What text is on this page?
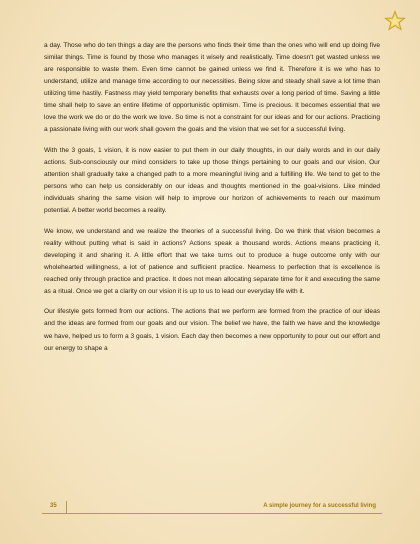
a day. Those who do ten things a day are the persons who finds their time than the ones who will end up doing five similar things. Time is found by those who manages it wisely and realistically. Time doesn't get wasted unless we are responsible to waste them. Even time cannot be gained unless we find it. Therefore it is we who has to understand, utilize and manage time according to our necessities. Being slow and steady shall save a lot time than utilizing time hastily. Fastness may yield temporary benefits that exhausts over a long period of time. Saving a little time shall help to save an entire lifetime of opportunistic optimism. Time is precious. It becomes essential that we love the work we do or do the work we love. So time is not a constraint for our ideas and for our actions. Practicing a passionate living with our work shall govern the goals and the vision that we set for a successful living.

With the 3 goals, 1 vision, it is now easier to put them in our daily thoughts, in our daily words and in our daily actions. Sub-consciously our mind considers to take up those things pertaining to our goals and our vision. Our attention shall gradually take a changed path to a more meaningful living and a fulfilling life. We tend to get to the persons who can help us considerably on our ideas and thoughts mentioned in the goal-visions. Like minded individuals sharing the same vision will help to improve our horizon of achievements to reach our maximum potential. A better world becomes a reality.

We know, we understand and we realize the theories of a successful living. Do we think that vision becomes a reality without putting what is said in actions? Actions speak a thousand words. Actions means practicing it, developing it and sharing it. A little effort that we take turns out to produce a huge outcome only with our wholehearted willingness, a lot of patience and sufficient practice. Nearness to perfection that is excellence is reached only through practice and practice. It does not mean allocating separate time for it and executing the same as a ritual. Once we get a clarity on our vision it is up to us to lead our everyday life with it.

Our lifestyle gets formed from our actions. The actions that we perform are formed from the practice of our ideas and the ideas are formed from our goals and our vision. The belief we have, the faith we have and the knowledge we have, helped us to form a 3 goals, 1 vision. Each day then becomes a new opportunity to pour out our effort and our energy to shape a

35	A simple journey for a successful living
